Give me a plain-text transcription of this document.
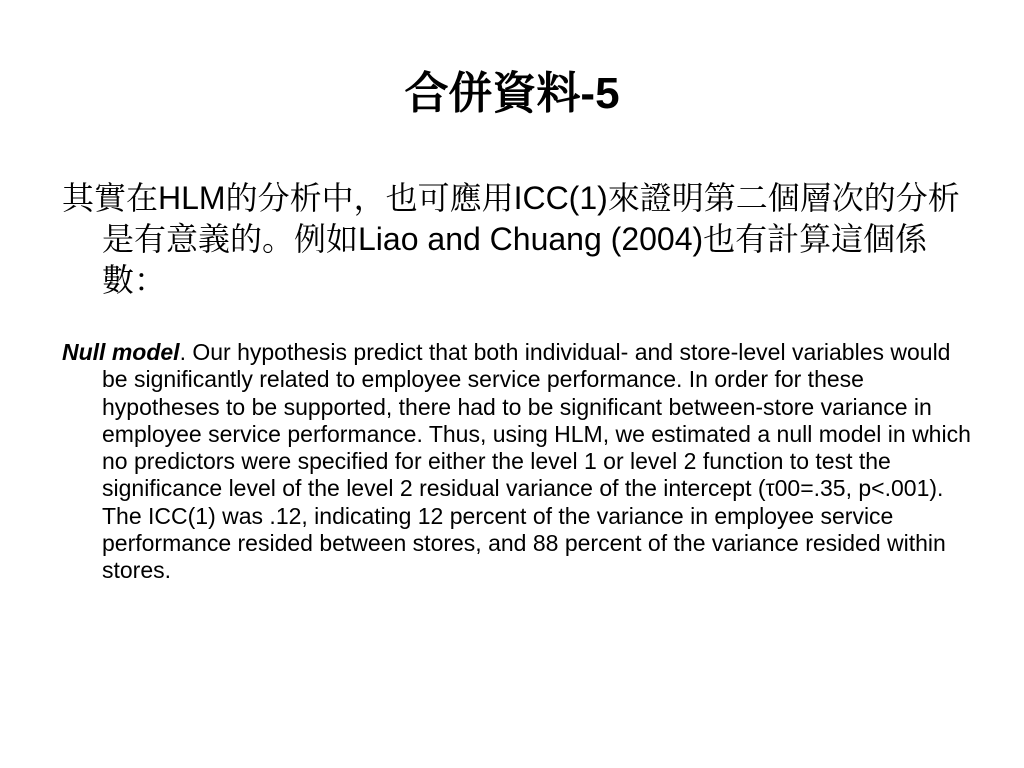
合併資料-5

其實在HLM的分析中，也可應用ICC(1)來證明第二個層次的分析是有意義的。例如Liao and Chuang (2004)也有計算這個係數：

Null model. Our hypothesis predict that both individual- and store-level variables would be significantly related to employee service performance. In order for these hypotheses to be supported, there had to be significant between-store variance in employee service performance. Thus, using HLM, we estimated a null model in which no predictors were specified for either the level 1 or level 2 function to test the significance level of the level 2 residual variance of the intercept (τ00=.35, p<.001). The ICC(1) was .12, indicating 12 percent of the variance in employee service performance resided between stores, and 88 percent of the variance resided within stores.
